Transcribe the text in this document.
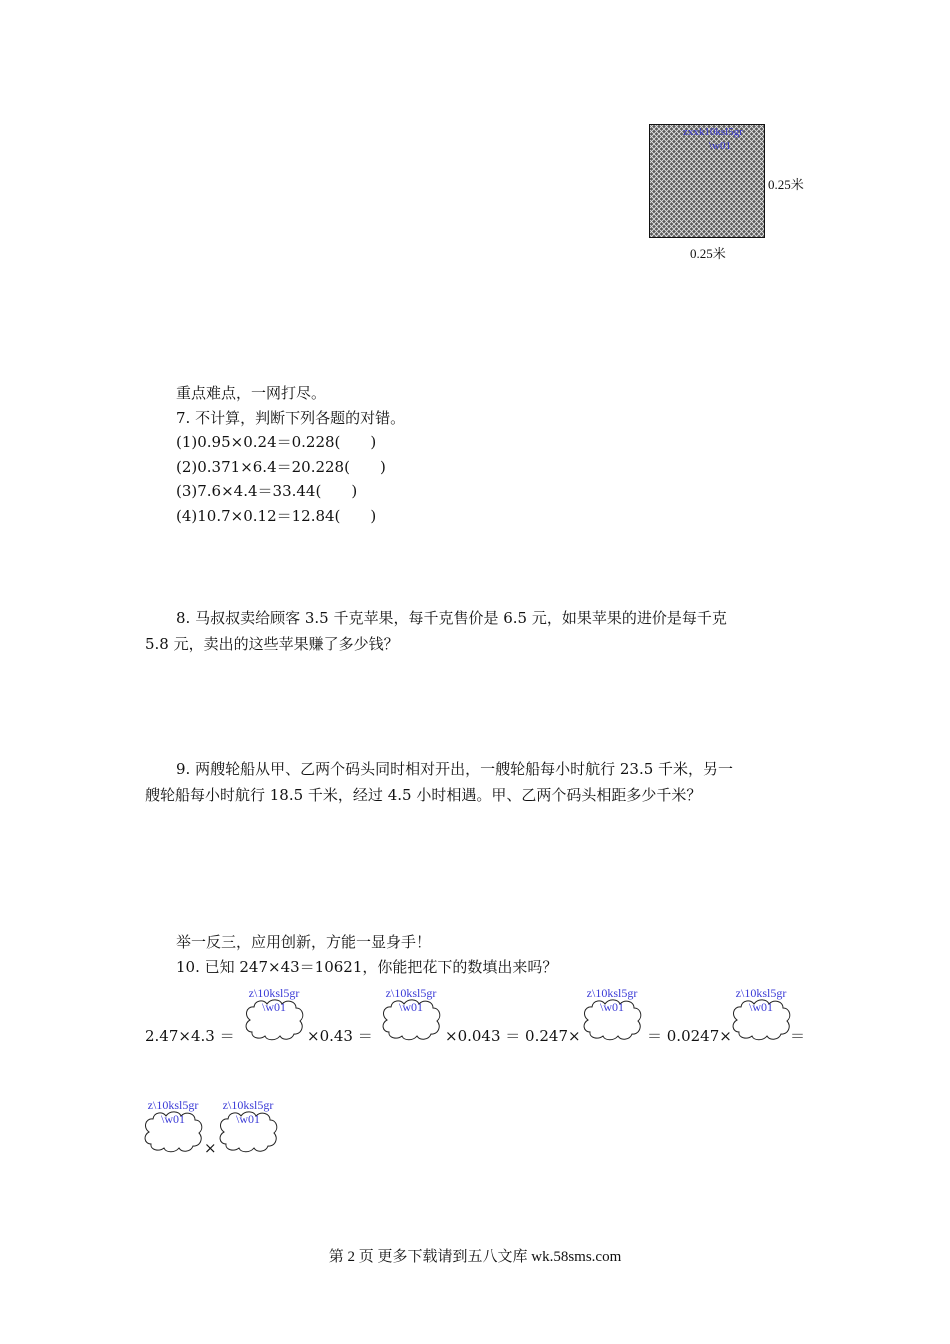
zxxk10ksl5gr
\w01
0.25米
0.25米
重点难点，一网打尽。
7. 不计算，判断下列各题的对错。
(1)0.95×0.24＝0.228(　　)
(2)0.371×6.4＝20.228(　　)
(3)7.6×4.4＝33.44(　　)
(4)10.7×0.12＝12.84(　　)
8. 马叔叔卖给顾客 3.5 千克苹果，每千克售价是 6.5 元，如果苹果的进价是每千克
5.8 元，卖出的这些苹果赚了多少钱？
9. 两艘轮船从甲、乙两个码头同时相对开出，一艘轮船每小时航行 23.5 千米，另一
艘轮船每小时航行 18.5 千米，经过 4.5 小时相遇。甲、乙两个码头相距多少千米？
举一反三，应用创新，方能一显身手！
10. 已知 247×43＝10621，你能把花下的数填出来吗？
2.47×4.3 ＝
z\10ksl5gr
\w01
×0.43 ＝
z\10ksl5gr
\w01
×0.043 ＝ 0.247×
z\10ksl5gr
\w01
＝ 0.0247×
z\10ksl5gr
\w01
＝
z\10ksl5gr
\w01
×
z\10ksl5gr
\w01
第 2 页 更多下载请到五八文库 wk.58sms.com
